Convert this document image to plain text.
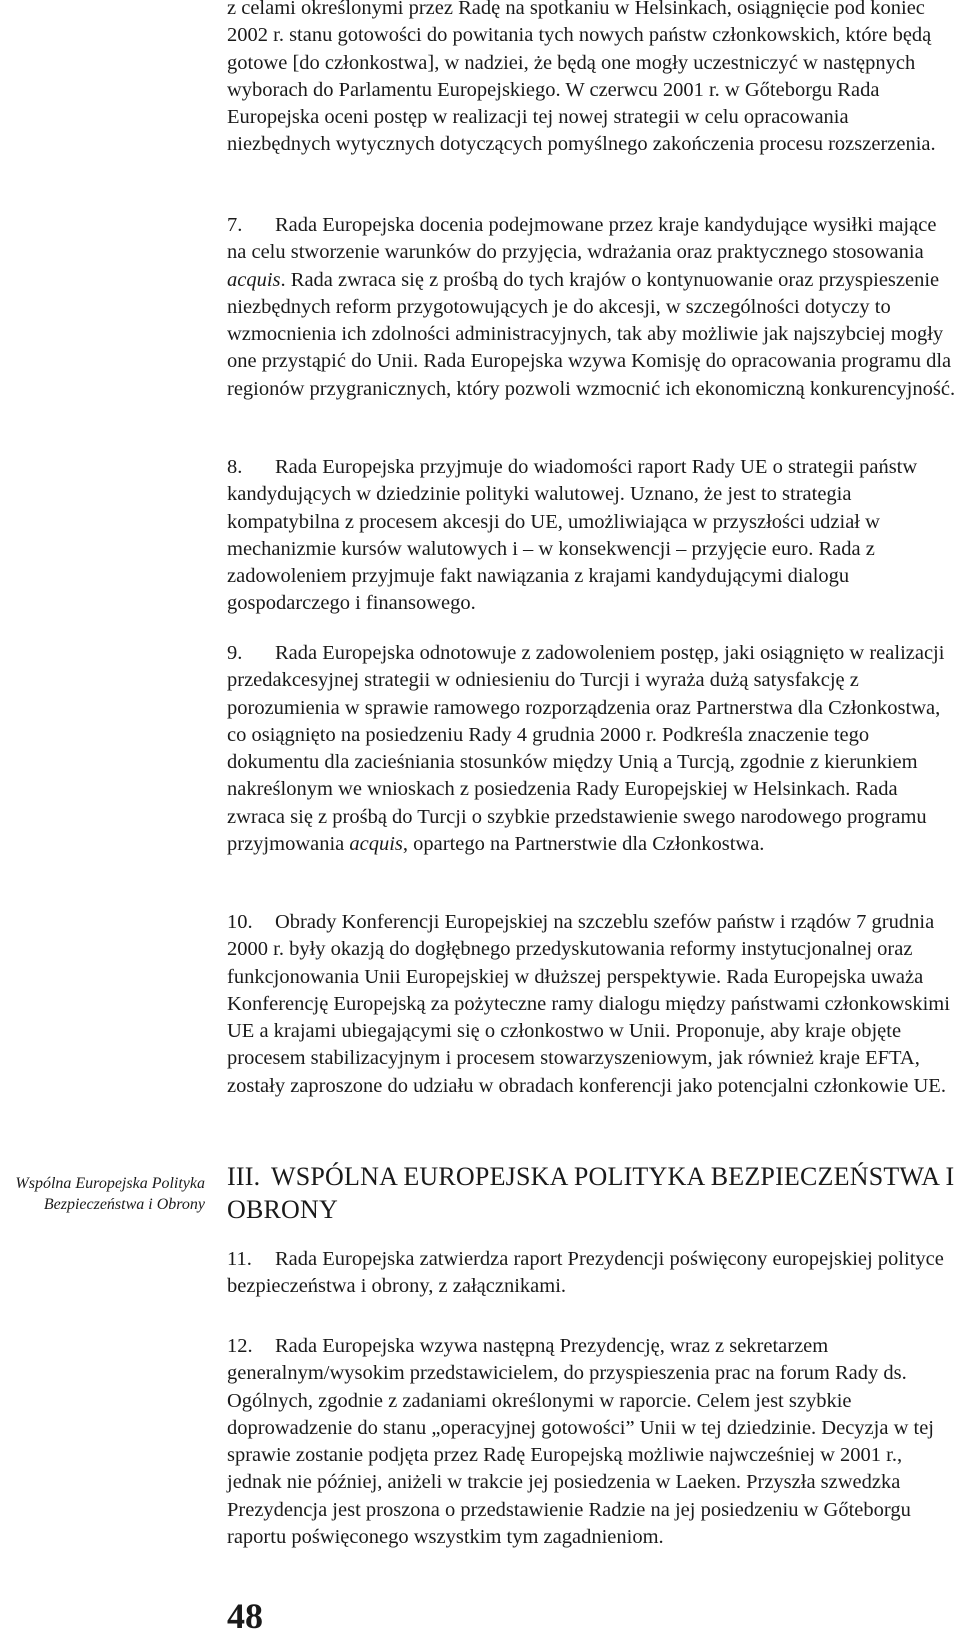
z celami określonymi przez Radę na spotkaniu w Helsinkach, osiągnięcie pod koniec 2002 r. stanu gotowości do powitania tych nowych państw członkowskich, które będą gotowe [do członkostwa], w nadziei, że będą one mogły uczestniczyć w następnych wyborach do Parlamentu Europejskiego. W czerwcu 2001 r. w Gőteborgu Rada Europejska oceni postęp w realizacji tej nowej strategii w celu opracowania niezbędnych wytycznych dotyczących pomyślnego zakończenia procesu rozszerzenia.

7. Rada Europejska docenia podejmowane przez kraje kandydujące wysiłki mające na celu stworzenie warunków do przyjęcia, wdrażania oraz praktycznego stosowania acquis. Rada zwraca się z prośbą do tych krajów o kontynuowanie oraz przyspieszenie niezbędnych reform przygotowujących je do akcesji, w szczególności dotyczy to wzmocnienia ich zdolności administracyjnych, tak aby możliwie jak najszybciej mogły one przystąpić do Unii. Rada Europejska wzywa Komisję do opracowania programu dla regionów przygranicznych, który pozwoli wzmocnić ich ekonomiczną konkurencyjność.

8. Rada Europejska przyjmuje do wiadomości raport Rady UE o strategii państw kandydujących w dziedzinie polityki walutowej. Uznano, że jest to strategia kompatybilna z procesem akcesji do UE, umożliwiająca w przyszłości udział w mechanizmie kursów walutowych i – w konsekwencji – przyjęcie euro. Rada z zadowoleniem przyjmuje fakt nawiązania z krajami kandydującymi dialogu gospodarczego i finansowego.

9. Rada Europejska odnotowuje z zadowoleniem postęp, jaki osiągnięto w realizacji przedakcesyjnej strategii w odniesieniu do Turcji i wyraża dużą satysfakcję z porozumienia w sprawie ramowego rozporządzenia oraz Partnerstwa dla Członkostwa, co osiągnięto na posiedzeniu Rady 4 grudnia 2000 r. Podkreśla znaczenie tego dokumentu dla zacieśniania stosunków między Unią a Turcją, zgodnie z kierunkiem nakreślonym we wnioskach z posiedzenia Rady Europejskiej w Helsinkach. Rada zwraca się z prośbą do Turcji o szybkie przedstawienie swego narodowego programu przyjmowania acquis, opartego na Partnerstwie dla Członkostwa.

10. Obrady Konferencji Europejskiej na szczeblu szefów państw i rządów 7 grudnia 2000 r. były okazją do dogłębnego przedyskutowania reformy instytucjonalnej oraz funkcjonowania Unii Europejskiej w dłuższej perspektywie. Rada Europejska uważa Konferencję Europejską za pożyteczne ramy dialogu między państwami członkowskimi UE a krajami ubiegającymi się o członkostwo w Unii. Proponuje, aby kraje objęte procesem stabilizacyjnym i procesem stowarzyszeniowym, jak również kraje EFTA, zostały zaproszone do udziału w obradach konferencji jako potencjalni członkowie UE.

Wspólna Europejska Polityka
Bezpieczeństwa i Obrony
III. WSPÓLNA EUROPEJSKA POLITYKA BEZPIECZEŃSTWA I OBRONY

11. Rada Europejska zatwierdza raport Prezydencji poświęcony europejskiej polityce bezpieczeństwa i obrony, z załącznikami.

12. Rada Europejska wzywa następną Prezydencję, wraz z sekretarzem generalnym/wysokim przedstawicielem, do przyspieszenia prac na forum Rady ds. Ogólnych, zgodnie z zadaniami określonymi w raporcie. Celem jest szybkie doprowadzenie do stanu „operacyjnej gotowości” Unii w tej dziedzinie. Decyzja w tej sprawie zostanie podjęta przez Radę Europejską możliwie najwcześniej w 2001 r., jednak nie później, aniżeli w trakcie jej posiedzenia w Laeken. Przyszła szwedzka Prezydencja jest proszona o przedstawienie Radzie na jej posiedzeniu w Gőteborgu raportu poświęconego wszystkim tym zagadnieniom.

48
